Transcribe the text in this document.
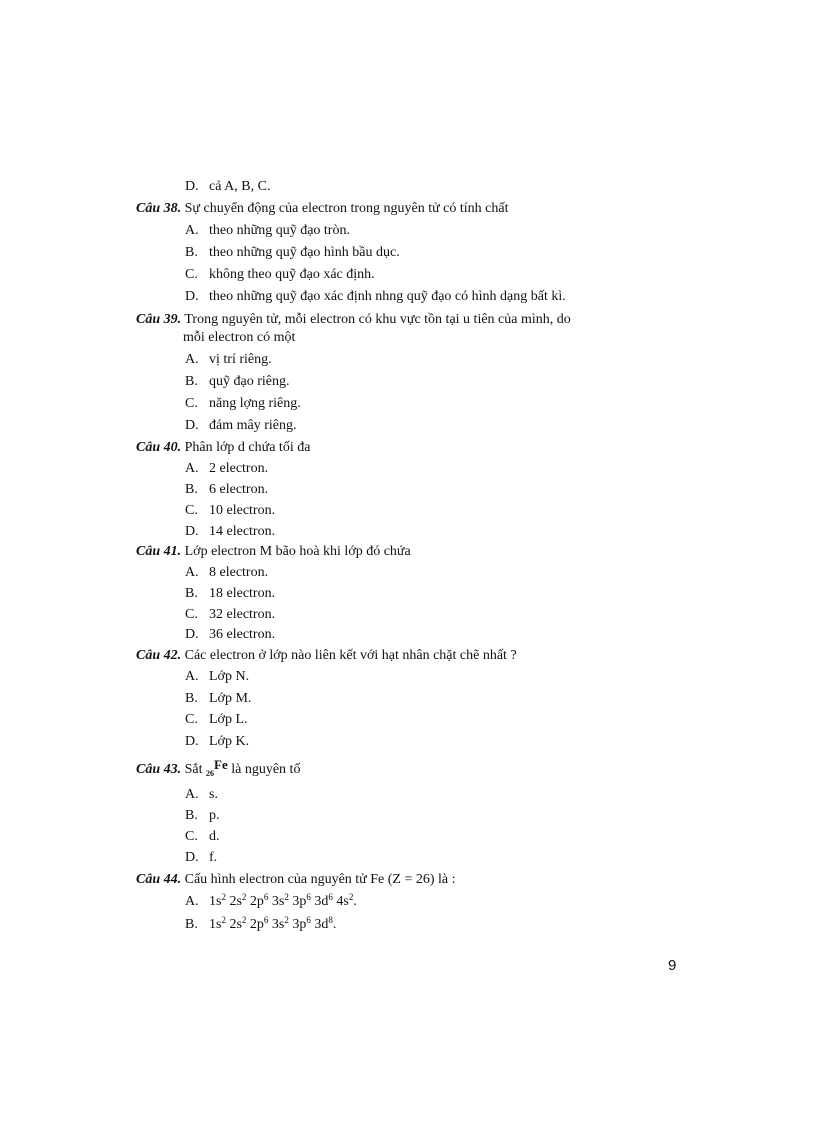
D. cả A, B, C.
Câu 38. Sự chuyển động của electron trong nguyên tử có tính chất
A. theo những quỹ đạo tròn.
B. theo những quỹ đạo hình bầu dục.
C. không theo quỹ đạo xác định.
D. theo những quỹ đạo xác định nhng quỹ đạo có hình dạng bất kì.
Câu 39. Trong nguyên tử, mỗi electron có khu vực tồn tại u tiên của mình, do
mỗi electron có một
A. vị trí riêng.
B. quỹ đạo riêng.
C. năng lợng riêng.
D. đám mây riêng.
Câu 40. Phân lớp d chứa tối đa
A. 2 electron.
B. 6 electron.
C. 10 electron.
D. 14 electron.
Câu 41. Lớp electron M bão hoà khi lớp đó chứa
A. 8 electron.
B. 18 electron.
C. 32 electron.
D. 36 electron.
Câu 42. Các electron ở lớp nào liên kết với hạt nhân chặt chẽ nhất ?
A. Lớp N.
B. Lớp M.
C. Lớp L.
D. Lớp K.
Câu 43. Sắt $_{26}$Fe là nguyên tố
A. s.
B. p.
C. d.
D. f.
Câu 44. Cấu hình electron của nguyên tử Fe (Z = 26) là :
A. $1s^2$ $2s^2$ $2p^6$ $3s^2$ $3p^6$ $3d^6$ $4s^2$.
B. $1s^2$ $2s^2$ $2p^6$ $3s^2$ $3p^6$ $3d^8$.
9
